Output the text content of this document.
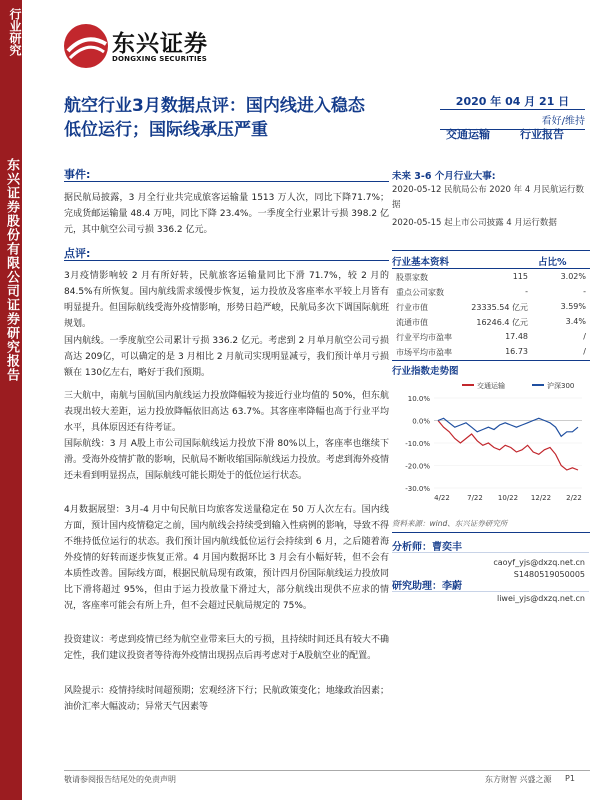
行业研究
东兴证券股份有限公司证券研究报告
东兴证券
DONGXING SECURITIES
航空行业3月数据点评：国内线进入稳态低位运行；国际线承压严重
2020 年 04 月 21 日
看好/维持
交通运输	行业报告
事件:
据民航局披露，3 月全行业共完成旅客运输量 1513 万人次，同比下降71.7%；完成货邮运输量 48.4 万吨，同比下降 23.4%。一季度全行业累计亏损 398.2 亿元，其中航空公司亏损 336.2 亿元。
点评:
3月疫情影响较 2 月有所好转，民航旅客运输量同比下滑 71.7%，较 2 月的 84.5%有所恢复。国内航线需求缓慢步恢复，运力投放及客座率水平较上月皆有明显提升。但国际航线受海外疫情影响，形势日趋严峻，民航局多次下调国际航班规划。
国内航线。一季度航空公司累计亏损 336.2 亿元。考虑到 2 月单月航空公司亏损高达 209亿，可以确定的是 3 月相比 2 月航司实现明显减亏，我们预计单月亏损额在 130亿左右，略好于我们预期。
三大航中，南航与国航国内航线运力投放降幅较为接近行业均值的 50%，但东航表现出较大差距，运力投放降幅依旧高达 63.7%。其客座率降幅也高于行业平均水平，具体原因还有待考证。
国际航线：3 月 A股上市公司国际航线运力投放下滑 80%以上，客座率也继续下滑。受海外疫情扩散的影响，民航局不断收缩国际航线运力投放。考虑到海外疫情还未看到明显拐点，国际航线可能长期处于的低位运行状态。
4月数据展望：3月-4 月中旬民航日均旅客发送量稳定在 50 万人次左右。国内线方面，预计国内疫情稳定之前，国内航线会持续受到输入性病例的影响，导致不得不维持低位运行的状态。我们预计国内航线低位运行会持续到 6 月，之后随着海外疫情的好转而逐步恢复正常。4 月国内数据环比 3 月会有小幅好转，但不会有本质性改善。国际线方面，根据民航局现有政策，预计四月份国际航线运力投放同比下滑将超过 95%，但由于运力投放量下滑过大，部分航线出现供不应求的情况，客座率可能会有所上升，但不会超过民航局规定的 75%。
投资建议：考虑到疫情已经为航空业带来巨大的亏损，且持续时间还具有较大不确定性，我们建议投资者等待海外疫情出现拐点后再考虑对于A股航空业的配置。
风险提示：疫情持续时间超预期；宏观经济下行；民航政策变化；地缘政治因素；油价汇率大幅波动；异常天气因素等
未来 3-6 个月行业大事:
2020-05-12 民航局公布 2020 年 4 月民航运行数据
2020-05-15 起上市公司披露 4 月运行数据
行业基本资料	占比%
股票家数	115	3.02%
重点公司家数	-	-
行业市值	23335.54 亿元	3.59%
流通市值	16246.4 亿元	3.4%
行业平均市盈率	17.48	/
市场平均市盈率	16.73	/
行业指数走势图
10.0%
0.0%
-10.0%
-20.0%
-30.0%
4/22 7/22 10/22 12/22 2/22
交通运输	沪深300
资料来源：wind、东兴证券研究所
分析师：曹奕丰
caoyf_yjs@dxzq.net.cn
S1480519050005
研究助理：李蔚
liwei_yjs@dxzq.net.cn
敬请参阅报告结尾处的免责声明	东方财智 兴盛之源 P1
